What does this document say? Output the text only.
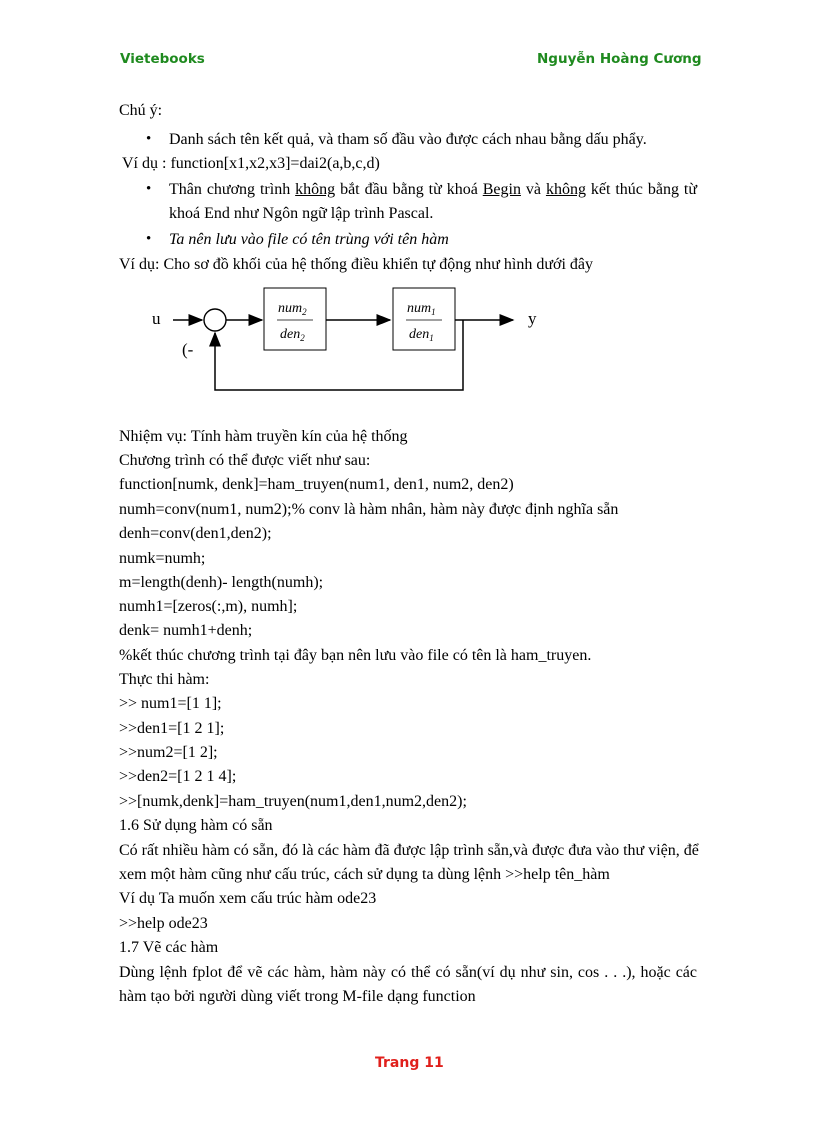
Vietebooks	Nguyễn Hoàng Cương
Chú ý:
• Danh sách tên kết quả, và tham số đầu vào được cách nhau bằng dấu phẩy.
Ví dụ : function[x1,x2,x3]=dai2(a,b,c,d)
• Thân chương trình không bắt đầu bằng từ khoá Begin và không kết thúc bằng từ
khoá End như Ngôn ngữ lập trình Pascal.
• Ta nên lưu vào file có tên trùng với tên hàm
Ví dụ: Cho sơ đồ khối của hệ thống điều khiển tự động như hình dưới đây
u
num$_2$
den$_2$
num$_1$
den$_1$
y
(-
Nhiệm vụ: Tính hàm truyền kín của hệ thống
Chương trình có thể được viết như sau:
function[numk, denk]=ham_truyen(num1, den1, num2, den2)
numh=conv(num1, num2);% conv là hàm nhân, hàm này được định nghĩa sẵn
denh=conv(den1,den2);
numk=numh;
m=length(denh)- length(numh);
numh1=[zeros(:,m), numh];
denk= numh1+denh;
%kết thúc chương trình tại đây bạn nên lưu vào file có tên là ham_truyen.
Thực thi hàm:
>> num1=[1 1];
>>den1=[1 2 1];
>>num2=[1 2];
>>den2=[1 2 1 4];
>>[numk,denk]=ham_truyen(num1,den1,num2,den2);
1.6 Sử dụng hàm có sẵn
Có rất nhiều hàm có sẵn, đó là các hàm đã được lập trình sẵn,và được đưa vào thư viện, để
xem một hàm cũng như cấu trúc, cách sử dụng ta dùng lệnh >>help tên_hàm
Ví dụ Ta muốn xem cấu trúc hàm ode23
>>help ode23
1.7 Vẽ các hàm
Dùng lệnh fplot để vẽ các hàm, hàm này có thể có sẵn(ví dụ như sin, cos . . .), hoặc các
hàm tạo bởi người dùng viết trong M-file dạng function
Trang 11
